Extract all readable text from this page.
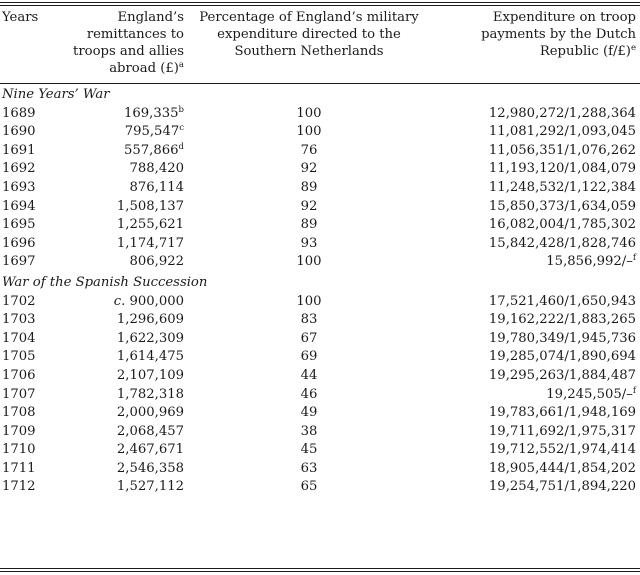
Years	England’s remittances to troops and allies abroad (£)$^a$	Percentage of England’s military expenditure directed to the Southern Netherlands	Expenditure on troop payments by the Dutch Republic (f/£)$^e$
Nine Years’ War			
1689	169,335$^b$	100	12,980,272/1,288,364
1690	795,547$^c$	100	11,081,292/1,093,045
1691	557,866$^d$	76	11,056,351/1,076,262
1692	788,420	92	11,193,120/1,084,079
1693	876,114	89	11,248,532/1,122,384
1694	1,508,137	92	15,850,373/1,634,059
1695	1,255,621	89	16,082,004/1,785,302
1696	1,174,717	93	15,842,428/1,828,746
1697	806,922	100	15,856,992/–$^f$
War of the Spanish Succession			
1702	c. 900,000	100	17,521,460/1,650,943
1703	1,296,609	83	19,162,222/1,883,265
1704	1,622,309	67	19,780,349/1,945,736
1705	1,614,475	69	19,285,074/1,890,694
1706	2,107,109	44	19,295,263/1,884,487
1707	1,782,318	46	19,245,505/–$^f$
1708	2,000,969	49	19,783,661/1,948,169
1709	2,068,457	38	19,711,692/1,975,317
1710	2,467,671	45	19,712,552/1,974,414
1711	2,546,358	63	18,905,444/1,854,202
1712	1,527,112	65	19,254,751/1,894,220
